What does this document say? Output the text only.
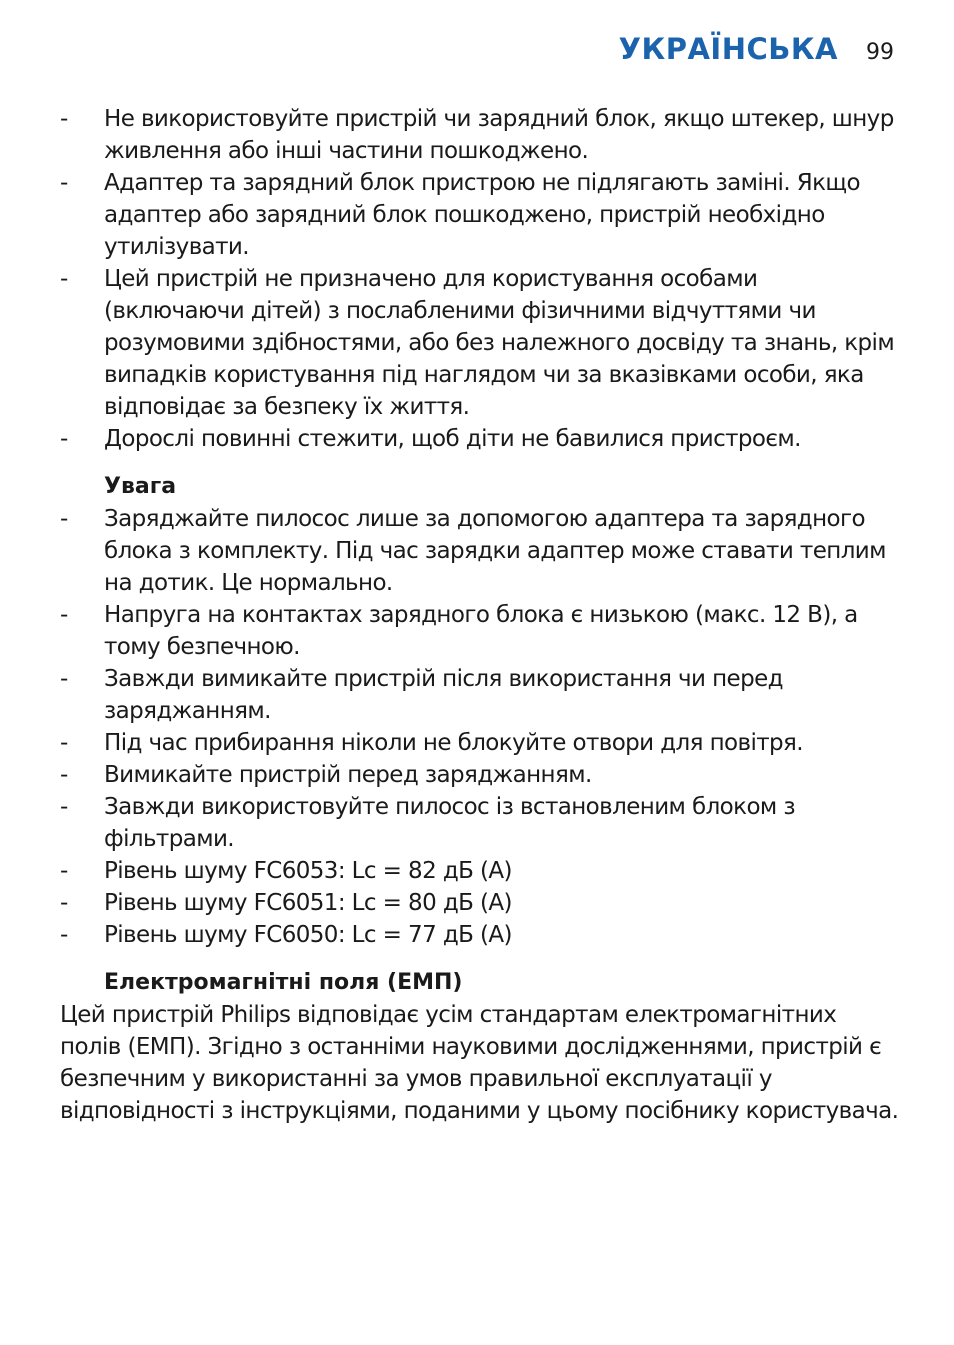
УКРАЇНСЬКА 99
- Не використовуйте пристрій чи зарядний блок, якщо штекер, шнур живлення або інші частини пошкоджено.
- Адаптер та зарядний блок пристрою не підлягають заміні. Якщо адаптер або зарядний блок пошкоджено, пристрій необхідно утилізувати.
- Цей пристрій не призначено для користування особами (включаючи дітей) з послабленими фізичними відчуттями чи розумовими здібностями, або без належного досвіду та знань, крім випадків користування під наглядом чи за вказівками особи, яка відповідає за безпеку їх життя.
- Дорослі повинні стежити, щоб діти не бавилися пристроєм.
Увага
- Заряджайте пилосос лише за допомогою адаптера та зарядного блока з комплекту. Під час зарядки адаптер може ставати теплим на дотик. Це нормально.
- Напруга на контактах зарядного блока є низькою (макс. 12 В), а тому безпечною.
- Завжди вимикайте пристрій після використання чи перед заряджанням.
- Під час прибирання ніколи не блокуйте отвори для повітря.
- Вимикайте пристрій перед заряджанням.
- Завжди використовуйте пилосос із встановленим блоком з фільтрами.
- Рівень шуму FC6053: Lc = 82 дБ (A)
- Рівень шуму FC6051: Lc = 80 дБ (A)
- Рівень шуму FC6050: Lc = 77 дБ (A)
Електромагнітні поля (ЕМП)

Цей пристрій Philips відповідає усім стандартам електромагнітних полів (ЕМП). Згідно з останніми науковими дослідженнями, пристрій є безпечним у використанні за умов правильної експлуатації у відповідності з інструкціями, поданими у цьому посібнику користувача.
